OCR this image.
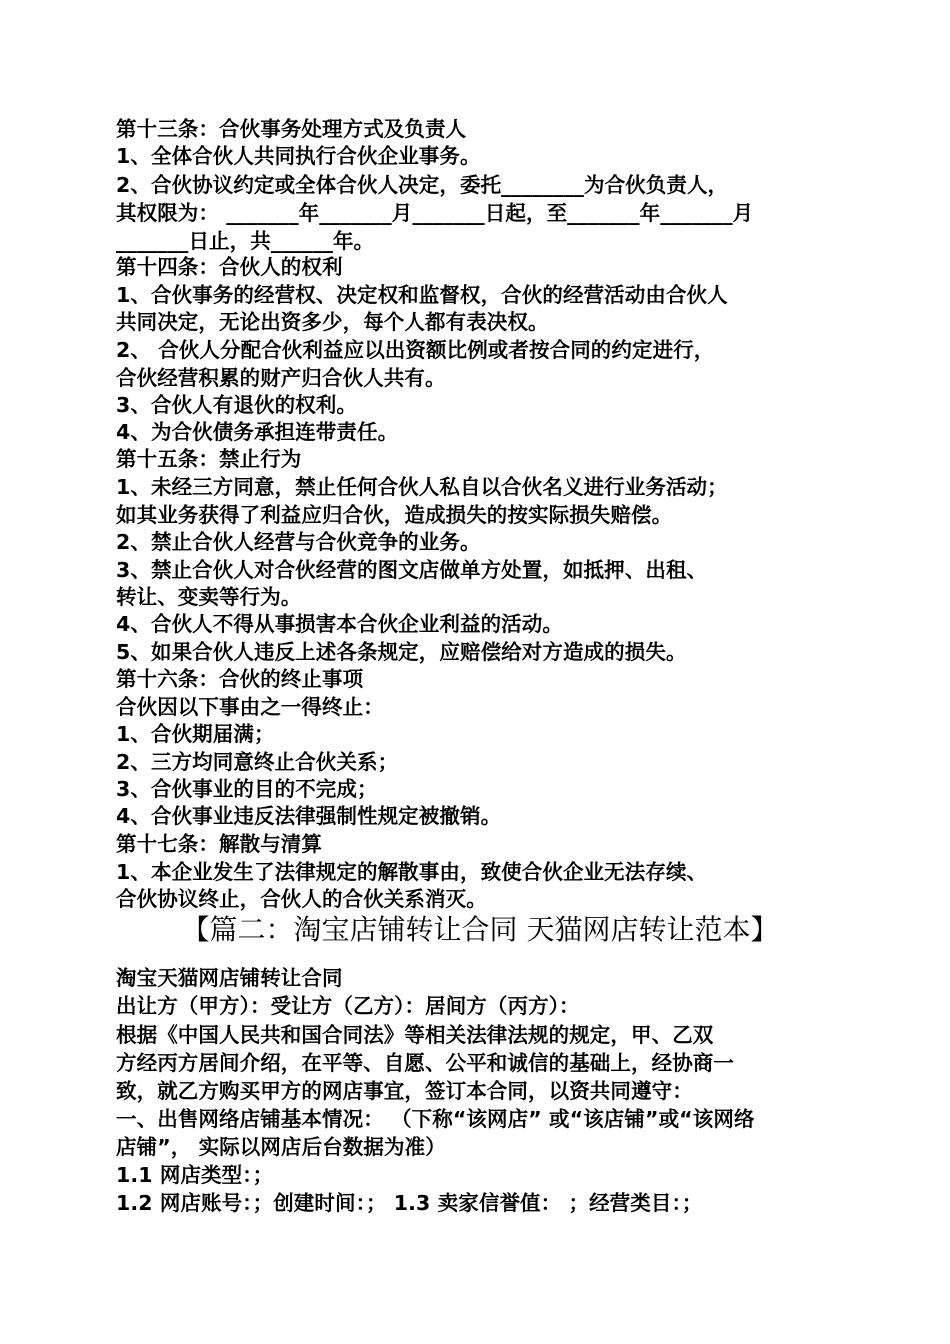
第十三条：合伙事务处理方式及负责人
1、全体合伙人共同执行合伙企业事务。
2、合伙协议约定或全体合伙人决定，委托________为合伙负责人，
其权限为： _______年_______月_______日起，至_______年_______月
_______日止，共______年。
第十四条：合伙人的权利
1、合伙事务的经营权、决定权和监督权，合伙的经营活动由合伙人
共同决定，无论出资多少，每个人都有表决权。
2、 合伙人分配合伙利益应以出资额比例或者按合同的约定进行，
合伙经营积累的财产归合伙人共有。
3、合伙人有退伙的权利。
4、为合伙债务承担连带责任。
第十五条：禁止行为
1、未经三方同意，禁止任何合伙人私自以合伙名义进行业务活动；
如其业务获得了利益应归合伙，造成损失的按实际损失赔偿。
2、禁止合伙人经营与合伙竞争的业务。
3、禁止合伙人对合伙经营的图文店做单方处置，如抵押、出租、
转让、变卖等行为。
4、合伙人不得从事损害本合伙企业利益的活动。
5、如果合伙人违反上述各条规定，应赔偿给对方造成的损失。
第十六条：合伙的终止事项
合伙因以下事由之一得终止：
1、合伙期届满；
2、三方均同意终止合伙关系；
3、合伙事业的目的不完成；
4、合伙事业违反法律强制性规定被撤销。
第十七条：解散与清算
1、本企业发生了法律规定的解散事由，致使合伙企业无法存续、
合伙协议终止，合伙人的合伙关系消灭。
【篇二：淘宝店铺转让合同 天猫网店转让范本】
淘宝天猫网店铺转让合同
出让方（甲方）：受让方（乙方）：居间方（丙方）：
根据《中国人民共和国合同法》等相关法律法规的规定，甲、乙双
方经丙方居间介绍，在平等、自愿、公平和诚信的基础上，经协商一
致，就乙方购买甲方的网店事宜，签订本合同，以资共同遵守：
一、出售网络店铺基本情况： （下称“该网店” 或“该店铺”或“该网络
店铺”， 实际以网店后台数据为准）
1.1 网店类型：；
1.2 网店账号：；创建时间：； 1.3 卖家信誉值： ；经营类目：；
